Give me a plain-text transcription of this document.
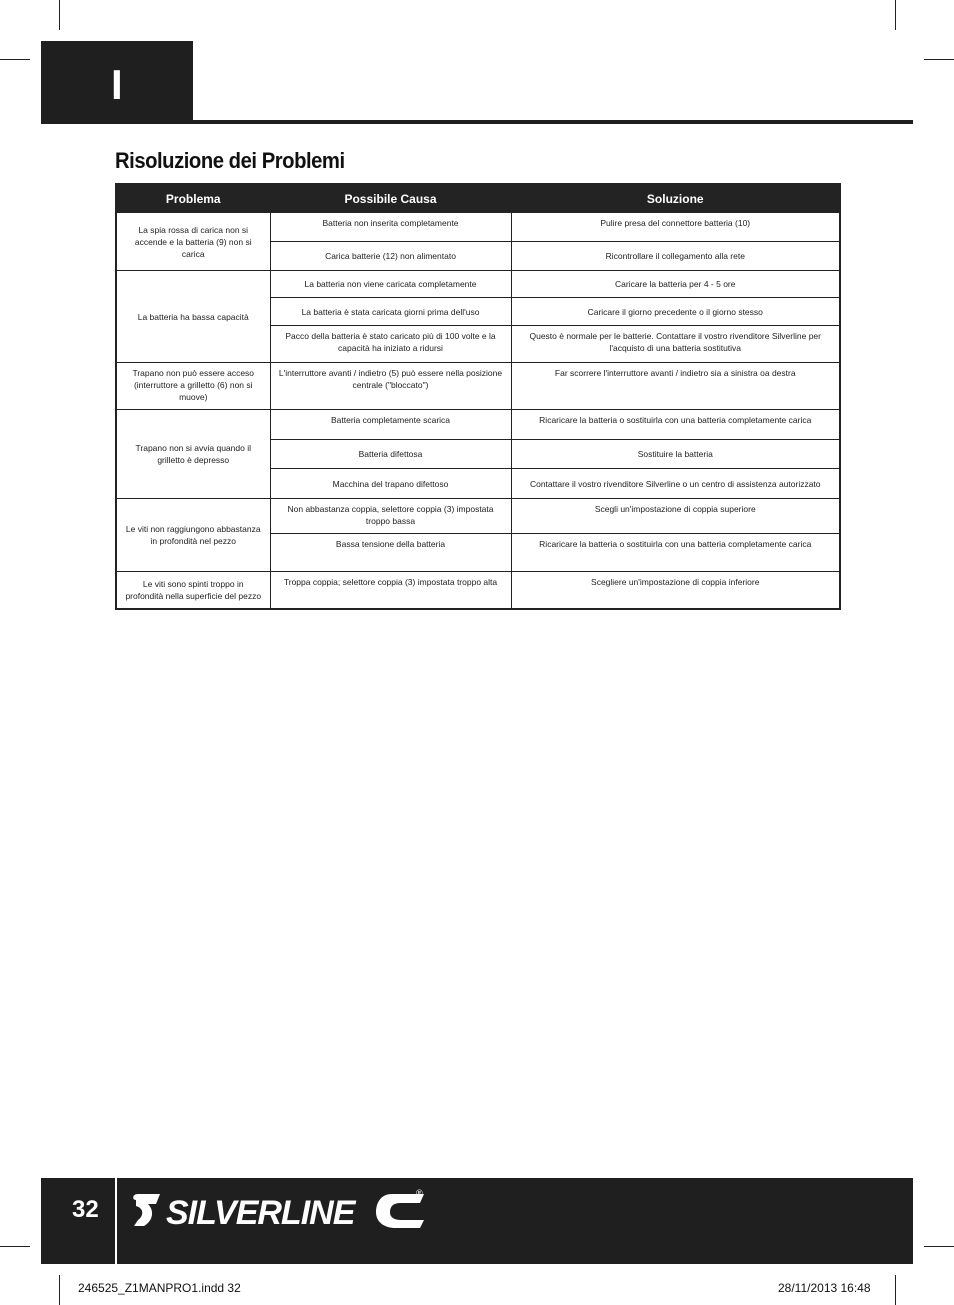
I
Risoluzione dei Problemi
Problema	Possibile Causa	Soluzione
La spia rossa di carica non si accende e la batteria (9) non si carica	Batteria non inserita completamente	Pulire presa del connettore batteria (10)
	Carica batterie (12) non alimentato	Ricontrollare il collegamento alla rete
La batteria ha bassa capacità	La batteria non viene caricata completamente	Caricare la batteria per 4 - 5 ore
	La batteria è stata caricata giorni prima dell'uso	Caricare il giorno precedente o il giorno stesso
	Pacco della batteria è stato caricato più di 100 volte e la capacità ha iniziato a ridursi	Questo è normale per le batterie. Contattare il vostro rivenditore Silverline per l'acquisto di una batteria sostitutiva
Trapano non può essere acceso (interruttore a grilletto (6) non si muove)	L'interruttore avanti / indietro (5) può essere nella posizione centrale ("bloccato")	Far scorrere l'interruttore avanti / indietro sia a sinistra oa destra
Trapano non si avvia quando il grilletto è depresso	Batteria completamente scarica	Ricaricare la batteria o sostituirla con una batteria completamente carica
	Batteria difettosa	Sostituire la batteria
	Macchina del trapano difettoso	Contattare il vostro rivenditore Silverline o un centro di assistenza autorizzato
Le viti non raggiungono abbastanza in profondità nel pezzo	Non abbastanza coppia, selettore coppia (3) impostata troppo bassa	Scegli un'impostazione di coppia superiore
	Bassa tensione della batteria	Ricaricare la batteria o sostituirla con una batteria completamente carica
Le viti sono spinti troppo in profondità nella superficie del pezzo	Troppa coppia; selettore coppia (3) impostata troppo alta	Scegliere un'impostazione di coppia inferiore
32 SILVERLINE
®
246525_Z1MANPRO1.indd 32	28/11/2013 16:48
